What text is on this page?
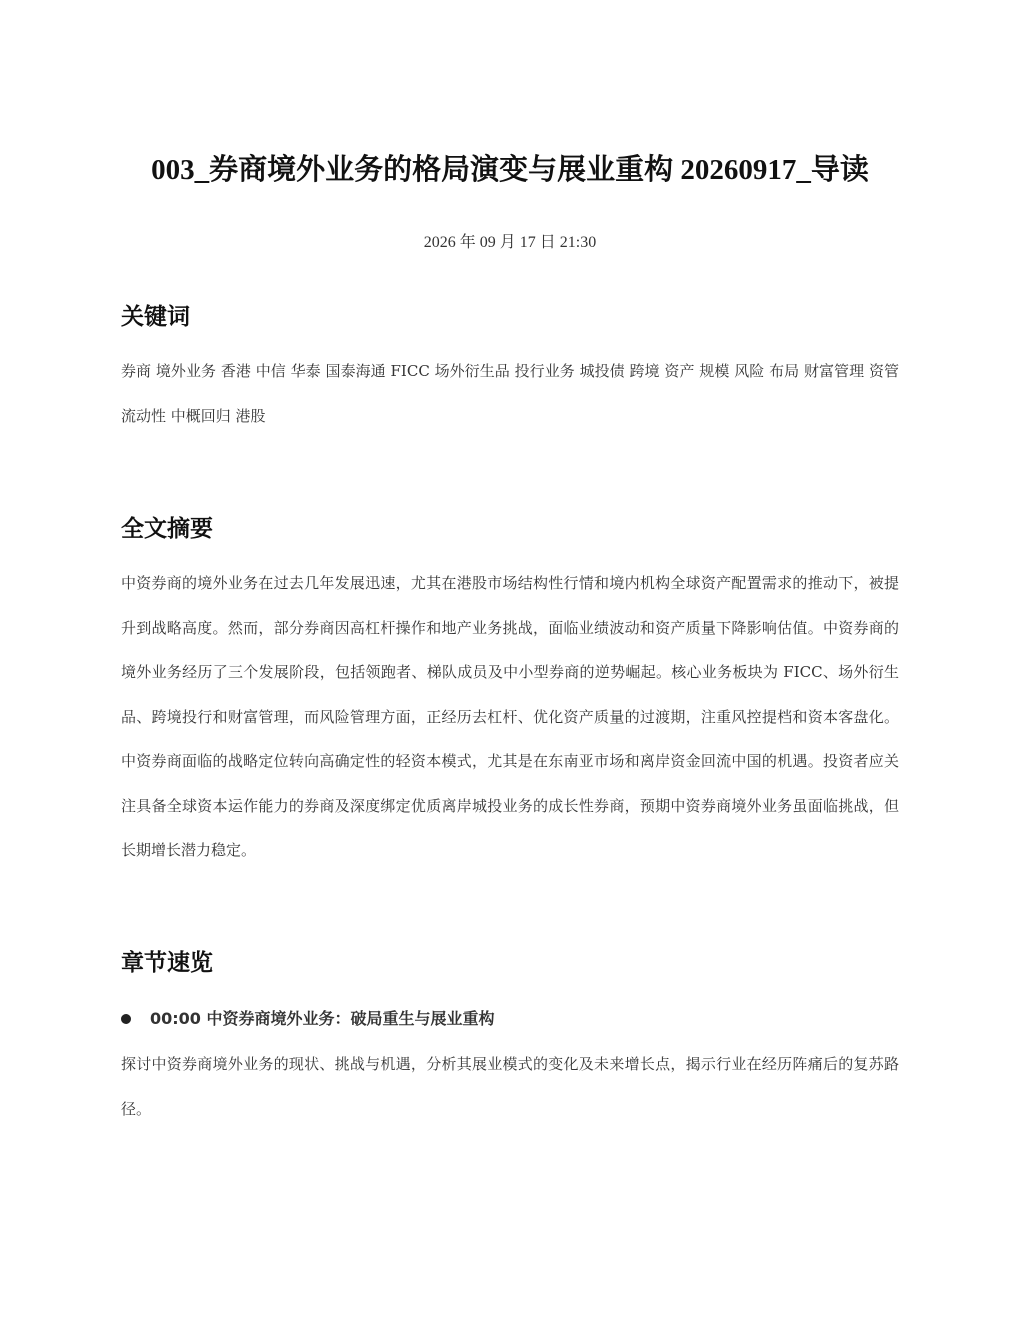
003_券商境外业务的格局演变与展业重构 20260917_导读
2026 年 09 月 17 日 21:30
关键词

券商 境外业务 香港 中信 华泰 国泰海通 FICC 场外衍生品 投行业务 城投债 跨境 资产 规模 风险 布局 财富管理 资管 流动性 中概回归 港股

全文摘要

中资券商的境外业务在过去几年发展迅速，尤其在港股市场结构性行情和境内机构全球资产配置需求的推动下，被提升到战略高度。然而，部分券商因高杠杆操作和地产业务挑战，面临业绩波动和资产质量下降影响估值。中资券商的境外业务经历了三个发展阶段，包括领跑者、梯队成员及中小型券商的逆势崛起。核心业务板块为 FICC、场外衍生品、跨境投行和财富管理，而风险管理方面，正经历去杠杆、优化资产质量的过渡期，注重风控提档和资本客盘化。中资券商面临的战略定位转向高确定性的轻资本模式，尤其是在东南亚市场和离岸资金回流中国的机遇。投资者应关注具备全球资本运作能力的券商及深度绑定优质离岸城投业务的成长性券商，预期中资券商境外业务虽面临挑战，但长期增长潜力稳定。

章节速览
00:00 中资券商境外业务：破局重生与展业重构

探讨中资券商境外业务的现状、挑战与机遇，分析其展业模式的变化及未来增长点，揭示行业在经历阵痛后的复苏路径。
